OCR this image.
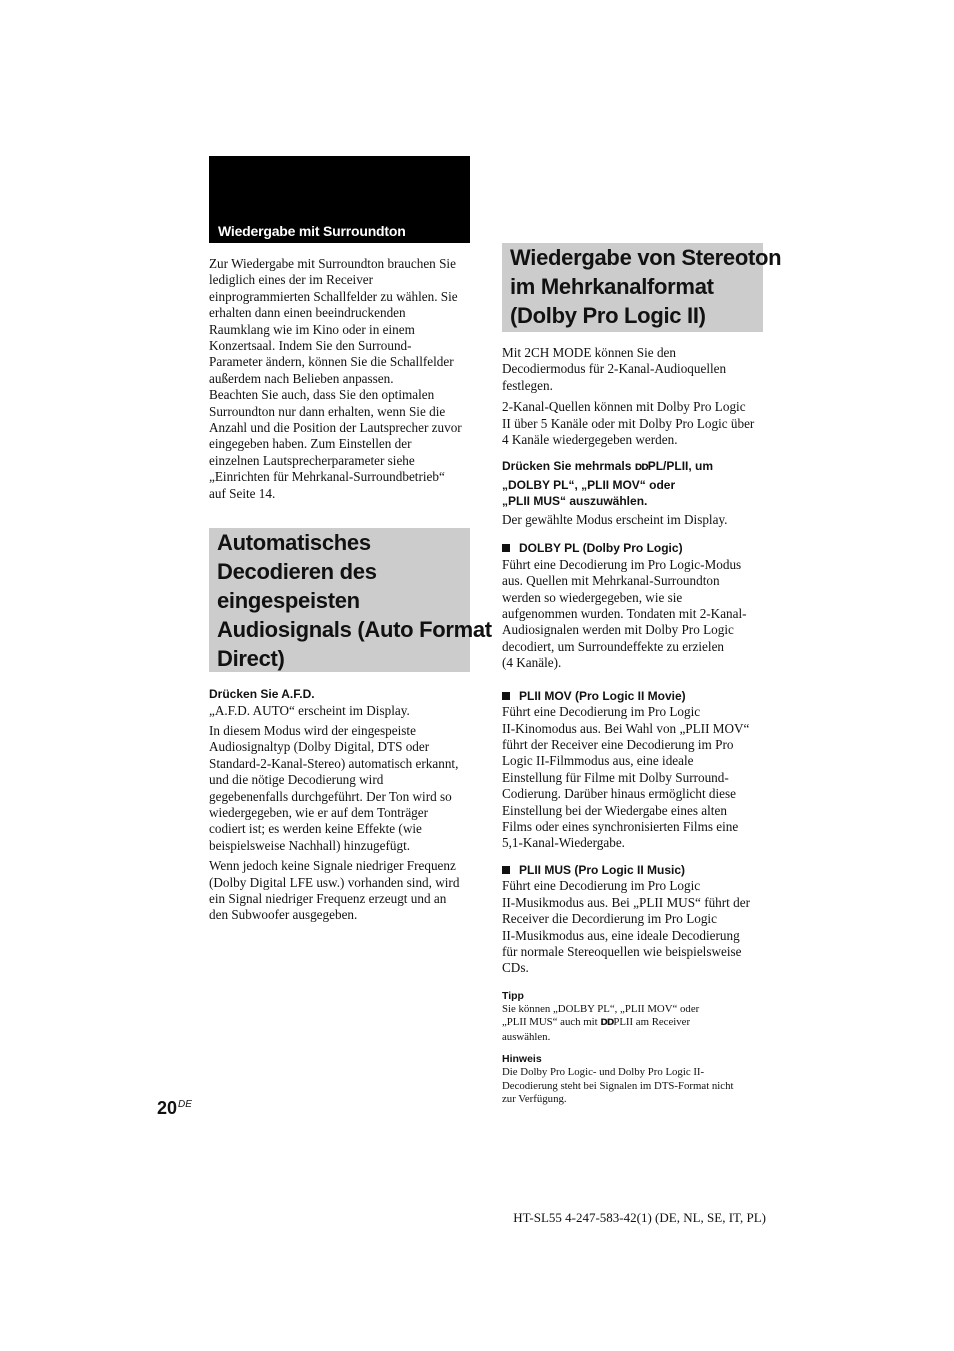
Wiedergabe mit Surroundton

Zur Wiedergabe mit Surroundton brauchen Sie

lediglich eines der im Receiver

einprogrammierten Schallfelder zu wählen. Sie

erhalten dann einen beeindruckenden

Raumklang wie im Kino oder in einem

Konzertsaal. Indem Sie den Surround-

Parameter ändern, können Sie die Schallfelder

außerdem nach Belieben anpassen.

Beachten Sie auch, dass Sie den optimalen

Surroundton nur dann erhalten, wenn Sie die

Anzahl und die Position der Lautsprecher zuvor

eingegeben haben. Zum Einstellen der

einzelnen Lautsprecherparameter siehe

„Einrichten für Mehrkanal-Surroundbetrieb“

auf Seite 14.

Automatisches
Decodieren des
eingespeisten
Audiosignals (Auto Format
Direct)

Drücken Sie A.F.D.

„A.F.D. AUTO“ erscheint im Display.

In diesem Modus wird der eingespeiste

Audiosignaltyp (Dolby Digital, DTS oder

Standard-2-Kanal-Stereo) automatisch erkannt,

und die nötige Decodierung wird

gegebenenfalls durchgeführt. Der Ton wird so

wiedergegeben, wie er auf dem Tonträger

codiert ist; es werden keine Effekte (wie

beispielsweise Nachhall) hinzugefügt.

Wenn jedoch keine Signale niedriger Frequenz

(Dolby Digital LFE usw.) vorhanden sind, wird

ein Signal niedriger Frequenz erzeugt und an

den Subwoofer ausgegeben.

Wiedergabe von Stereoton
im Mehrkanalformat
(Dolby Pro Logic II)

Mit 2CH MODE können Sie den

Decodiermodus für 2-Kanal-Audioquellen

festlegen.

2-Kanal-Quellen können mit Dolby Pro Logic

II über 5 Kanäle oder mit Dolby Pro Logic über

4 Kanäle wiedergegeben werden.

Drücken Sie mehrmals DDPL/PLII, um

„DOLBY PL“, „PLII MOV“ oder

„PLII MUS“ auszuwählen.

Der gewählte Modus erscheint im Display.

DOLBY PL (Dolby Pro Logic)

Führt eine Decodierung im Pro Logic-Modus

aus. Quellen mit Mehrkanal-Surroundton

werden so wiedergegeben, wie sie

aufgenommen wurden. Tondaten mit 2-Kanal-

Audiosignalen werden mit Dolby Pro Logic

decodiert, um Surroundeffekte zu erzielen

(4 Kanäle).

PLII MOV (Pro Logic II Movie)

Führt eine Decodierung im Pro Logic

II-Kinomodus aus. Bei Wahl von „PLII MOV“

führt der Receiver eine Decodierung im Pro

Logic II-Filmmodus aus, eine ideale

Einstellung für Filme mit Dolby Surround-

Codierung. Darüber hinaus ermöglicht diese

Einstellung bei der Wiedergabe eines alten

Films oder eines synchronisierten Films eine

5,1-Kanal-Wiedergabe.

PLII MUS (Pro Logic II Music)

Führt eine Decodierung im Pro Logic

II-Musikmodus aus. Bei „PLII MUS“ führt der

Receiver die Decordierung im Pro Logic

II-Musikmodus aus, eine ideale Decodierung

für normale Stereoquellen wie beispielsweise

CDs.

Tipp

Sie können „DOLBY PL“, „PLII MOV“ oder

„PLII MUS“ auch mit DDPLII am Receiver

auswählen.

Hinweis

Die Dolby Pro Logic- und Dolby Pro Logic II-

Decodierung steht bei Signalen im DTS-Format nicht

zur Verfügung.

20DE
HT-SL55 4-247-583-42(1) (DE, NL, SE, IT, PL)
